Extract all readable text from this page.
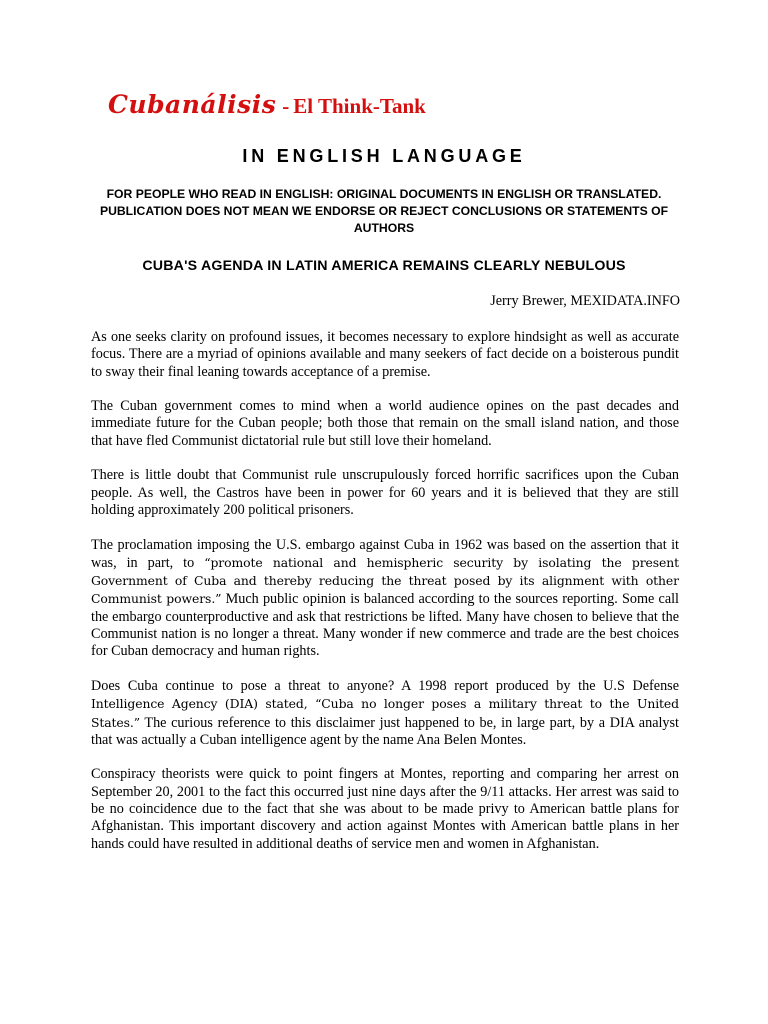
Cubanálisis - El Think-Tank
IN ENGLISH LANGUAGE
FOR PEOPLE WHO READ IN ENGLISH: ORIGINAL DOCUMENTS IN ENGLISH OR TRANSLATED. PUBLICATION DOES NOT MEAN WE ENDORSE OR REJECT CONCLUSIONS OR STATEMENTS OF AUTHORS
CUBA'S AGENDA IN LATIN AMERICA REMAINS CLEARLY NEBULOUS
Jerry Brewer, MEXIDATA.INFO

As one seeks clarity on profound issues, it becomes necessary to explore hindsight as well as accurate focus. There are a myriad of opinions available and many seekers of fact decide on a boisterous pundit to sway their final leaning towards acceptance of a premise.

The Cuban government comes to mind when a world audience opines on the past decades and immediate future for the Cuban people; both those that remain on the small island nation, and those that have fled Communist dictatorial rule but still love their homeland.

There is little doubt that Communist rule unscrupulously forced horrific sacrifices upon the Cuban people. As well, the Castros have been in power for 60 years and it is believed that they are still holding approximately 200 political prisoners.

The proclamation imposing the U.S. embargo against Cuba in 1962 was based on the assertion that it was, in part, to “promote national and hemispheric security by isolating the present Government of Cuba and thereby reducing the threat posed by its alignment with other Communist powers.” Much public opinion is balanced according to the sources reporting. Some call the embargo counterproductive and ask that restrictions be lifted. Many have chosen to believe that the Communist nation is no longer a threat. Many wonder if new commerce and trade are the best choices for Cuban democracy and human rights.

Does Cuba continue to pose a threat to anyone? A 1998 report produced by the U.S Defense Intelligence Agency (DIA) stated, “Cuba no longer poses a military threat to the United States.” The curious reference to this disclaimer just happened to be, in large part, by a DIA analyst that was actually a Cuban intelligence agent by the name Ana Belen Montes.

Conspiracy theorists were quick to point fingers at Montes, reporting and comparing her arrest on September 20, 2001 to the fact this occurred just nine days after the 9/11 attacks. Her arrest was said to be no coincidence due to the fact that she was about to be made privy to American battle plans for Afghanistan. This important discovery and action against Montes with American battle plans in her hands could have resulted in additional deaths of service men and women in Afghanistan.
